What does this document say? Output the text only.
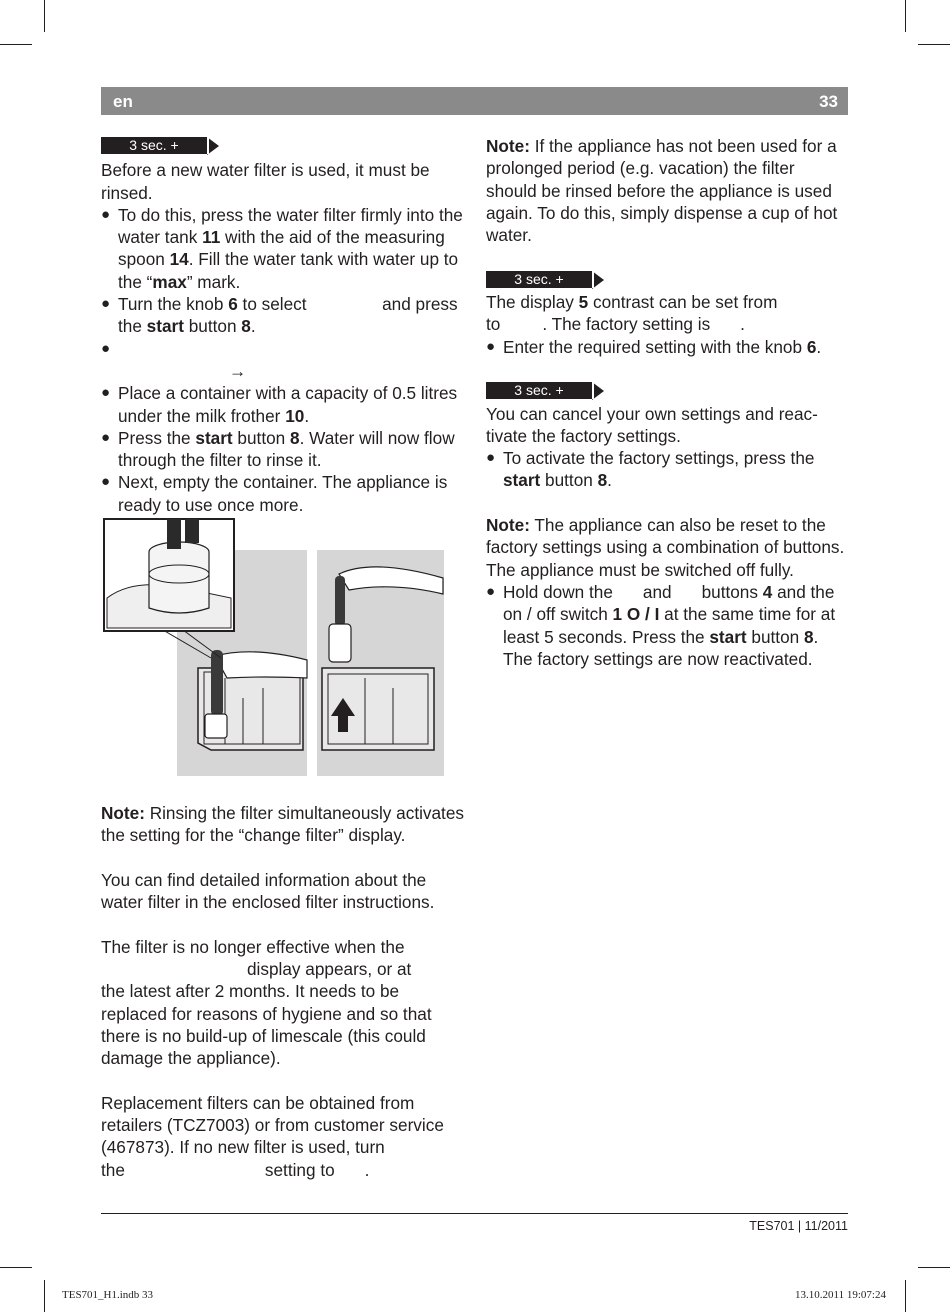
en	33
3 sec. +

Before a new water filter is used, it must be rinsed.

● To do this, press the water filter firmly into the water tank 11 with the aid of the measuring spoon 14. Fill the water tank with water up to the “max” mark.
● Turn the knob 6 to select	and press the start button 8.
●

→

● Place a container with a capacity of 0.5 litres under the milk frother 10.
● Press the start button 8. Water will now flow through the filter to rinse it.
● Next, empty the container. The appliance is ready to use once more.

Note: Rinsing the filter simultaneously activates the setting for the “change filter” display.

You can find detailed information about the water filter in the enclosed filter instructions.

The filter is no longer effective when the

display appears, or at

the latest after 2 months. It needs to be replaced for reasons of hygiene and so that there is no build-up of limescale (this could damage the appliance).

Replacement filters can be obtained from retailers (TCZ7003) or from customer service (467873). If no new filter is used, turn

the	setting to .

Note: If the appliance has not been used for a prolonged period (e.g. vacation) the filter should be rinsed before the appliance is used again. To do this, simply dispense a cup of hot water.

3 sec. +

The display 5 contrast can be set from

to . The factory setting is .

● Enter the required setting with the knob 6.
3 sec. +

You can cancel your own settings and reactivate the factory settings.

● To activate the factory settings, press the start button 8.

Note: The appliance can also be reset to the factory settings using a combination of buttons. The appliance must be switched off fully.

● Hold down the and buttons 4 and the on / off switch 1 O / I at the same time for at least 5 seconds. Press the start button 8. The factory settings are now reactivated.
TES701 | 11/2011
TES701_H1.indb 33	13.10.2011 19:07:24
